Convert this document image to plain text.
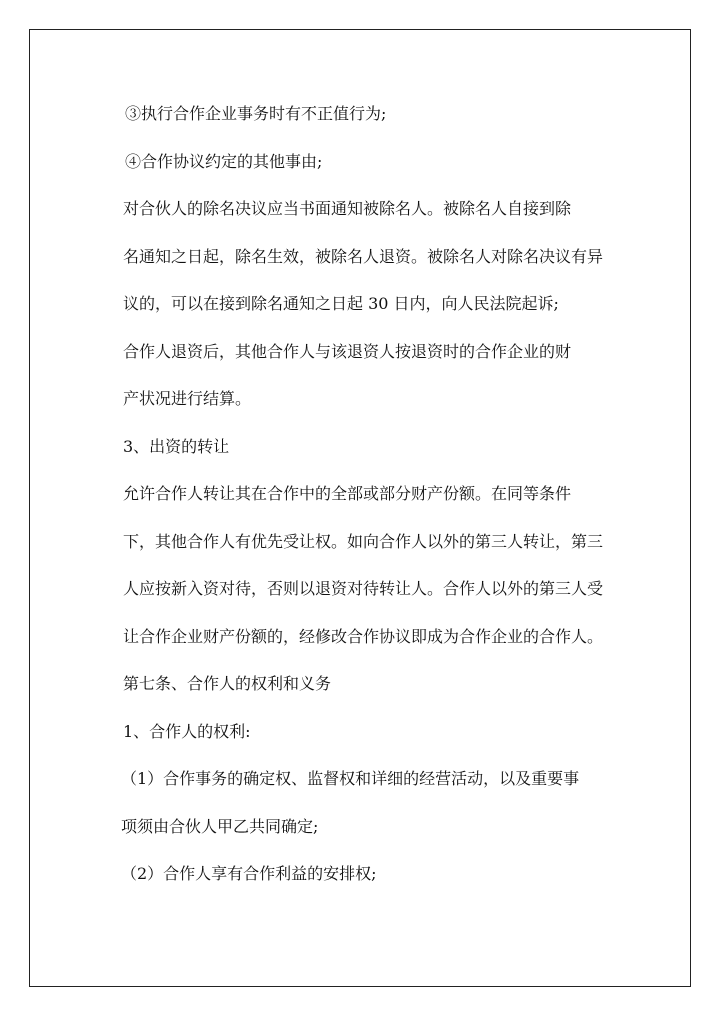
③执行合作企业事务时有不正值行为;

④合作协议约定的其他事由;

对合伙人的除名决议应当书面通知被除名人。被除名人自接到除
名通知之日起，除名生效，被除名人退资。被除名人对除名决议有异
议的，可以在接到除名通知之日起 30 日内，向人民法院起诉;

合作人退资后，其他合作人与该退资人按退资时的合作企业的财
产状况进行结算。

3、出资的转让

允许合作人转让其在合作中的全部或部分财产份额。在同等条件
下，其他合作人有优先受让权。如向合作人以外的第三人转让，第三
人应按新入资对待，否则以退资对待转让人。合作人以外的第三人受
让合作企业财产份额的，经修改合作协议即成为合作企业的合作人。

第七条、合作人的权利和义务

1、合作人的权利:

（1）合作事务的确定权、监督权和详细的经营活动，以及重要事
项须由合伙人甲乙共同确定;

（2）合作人享有合作利益的安排权;
